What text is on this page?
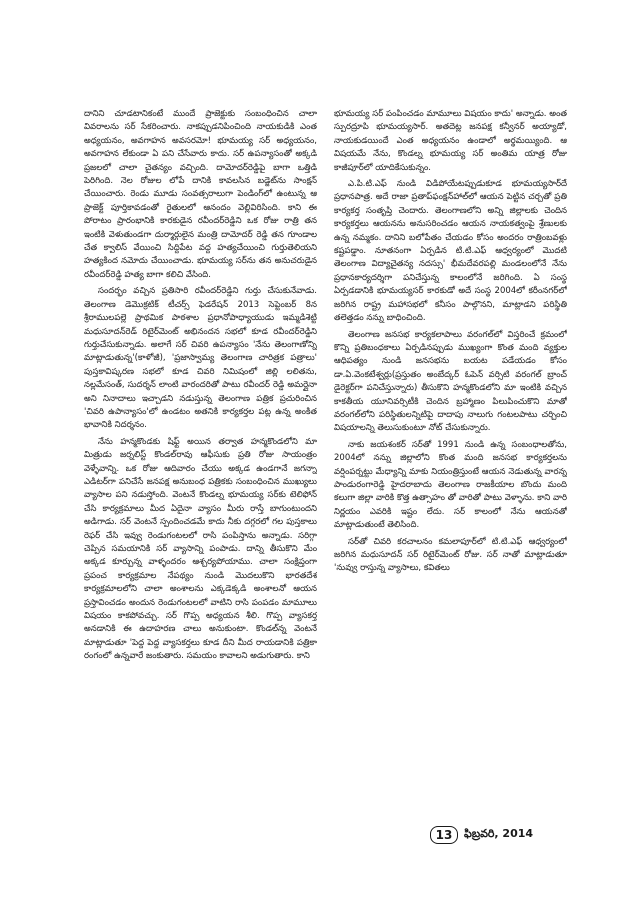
దానిని చూడటానికంటే ముందే ప్రాజెక్టుకు సంబంధించిన చాలా వివరాలను సర్ సేకరించారు. నాకప్పుడనిపించింది నాయకుడికి ఎంత అధ్యయనం, అవగాహన అవసరమో! భూమయ్య సర్ అధ్యయనం, అవగాహన లేకుండా ఏ పని చేసేవారు కాదు. సర్ ఉపన్యాసంతో అక్కడి ప్రజలలో చాలా చైతన్యం వచ్చింది. దామోదర్‌రెడ్డిపై బాగా ఒత్తిడి పెరిగింది. నెల రోజుల లోపే దానికి కావలసిన బడ్జెట్‌ను సాంక్షన్ చేయించారు. రెండు మూడు సంవత్సరాలుగా పెండింగ్‌లో ఉంటున్న ఆ ప్రాజెక్ట్ పూర్తికావడంతో రైతులలో ఆనందం వెల్లివిరిసింది. కాని ఈ పోరాటం ప్రారంభానికి కారకుడైన రవీందర్‌రెడ్డిని ఒక రోజు రాత్రి తన ఇంటికి వెళుతుండగా దుర్మార్గులైన మంత్రి దామోదర్ రెడ్డి తన గూండాల చేత క్వాలిస్ వేయించి సిద్దిపేట వద్ద హత్యచేయించి గుర్తుతెలియని హత్యకింద నమోదు చేయించాడు. భూమయ్య సర్‌ను తన అనుచరుడైన రవీందర్‌రెడ్డి హత్య బాగా కలిచి వేసింది.

సందర్భం వచ్చిన ప్రతిసారి రవీందర్‌రెడ్డిని గుర్తు చేసుకునేవాడు. తెలంగాణ డెమొక్రటిక్ టీచర్స్ ఫెడరేషన్ 2013 సెప్టెంబర్ 8న శ్రీరాములపల్లె ప్రాథమిక పాఠశాల ప్రధానోపాధ్యాయుడు ఇమ్మడిశెట్టి మధుసూదన్‌రెడ్ రిటైర్‌మెంట్ అభినందన సభలో కూడ రవీందర్‌రెడ్డిని గుర్తుచేసుకున్నాడు. అలాగే సర్ చివరి ఉపన్యాసం 'నేను తెలంగాణోన్ని మాట్లాడుతున్న'(కాళోజీ), 'ప్రజాస్వామ్య తెలంగాణ చారిత్రక పత్రాలు' పుస్తకావిష్కరణ సభలో కూడ చివరి నిమిషంలో జిల్లి లలితను, నల్లమేసంత్, సుదర్శన్ లాంటి వారందరితో పాటు రవీందర్ రెడ్డి అమర్లైనా అని నినాదాలు ఇచ్చాడని నడుస్తున్న తెలంగాణ పత్రిక ప్రచురించిన 'చివరి ఉపాన్యాసం'లో ఉండటం అతనికి కార్యకర్తల పట్ల ఉన్న అంకిత భావానికి నిదర్శనం.

నేను హన్మకొండకు షిఫ్ట్ అయిన తర్వాత హన్మకొండలోని మా మిత్రుడు జర్నలిస్ట్ కొండల్‌రావు ఆఫీసుకు ప్రతి రోజు సాయంత్రం వెళ్ళేవాన్ని. ఒక రోజు ఆదివారం చేయు అక్కడ ఉండగానే జగన్నా ఎడిటర్‌గా పనిచేసే జనపక్ష అనుబంధ పత్రికకు సంబంధించిన ముఖ్యులు వ్యాసాల పని నడుస్తోంది. వెంటనే కొండల్న భూమయ్య సర్‌కు టెలిఫోన్ చేసి కార్యక్రమాలు మీద ఏదైనా వ్యాసం మీరు రాస్తే బాగుంటుందని అడిగాడు. సర్ వెంటనే స్పందించడమే కాదు నీకు దగ్గరలో గల పుస్తకాలు రెఫర్ చేసి ఇవ్వు రెండుగంటలలో రాసి పంపిస్తాను అన్నాడు. సరిగ్గా చెప్పిన సమయానికి సర్ వ్యాసాన్ని పంపాడు. దాన్ని తీసుకొని మేం అక్కడ కూర్చున్న వాళ్ళందరం ఆశ్చర్యపోయాము. చాలా సంక్షిప్తంగా ప్రపంచ కార్యక్రమాల నేపథ్యం నుండి మొదలుకొని భారతదేశ కార్యక్రమాలలోని చాలా అంశాలను ఎక్కడెక్కడి అంశాలనో ఆయన ప్రస్తావించడం అందున రెండుగంటలలో వాటిని రాసి పంపడం మామూలు విషయం కాకపోవచ్చు. సర్ గొప్ప అధ్యయన శీలి. గొప్ప వ్యాసకర్త అనడానికి ఈ ఉదాహరణ చాలు అనుకుంటా. కొండల్‌న్న వెంటనే మాట్లాడుతూ 'పెద్ద పెద్ద వ్యాసకర్తలు కూడ దీని మీద రాయడానికి పత్రికా రంగంలో ఉన్నవారే జంకుతారు. సమయం కావాలని అడుగుతారు. కాని

భూమయ్య సర్ పంపించడం మామూలు విషయం కాదు' అన్నాడు. అంత స్పురద్రూపి భూమయ్యసార్. అతదెట్ల జనపక్ష కన్వీనర్ అయ్యాడో, నాయకుడయిందే ఎంత అధ్యయనం ఉండాలో అర్థమయ్యింది. ఆ విషయమే నేను, కొండల్న భూమయ్య సర్ అంతిమ యాత్ర రోజు కాజీపూర్‌లో యాదికేసుకున్నం.

ఎ.పి.టి.ఎఫ్ నుండి విడిపోయేటప్పుడుకూడ భూమయ్యసార్‌దే ప్రధానపాత్ర. అదే రాజా ప్రతాప్‌ఫంక్షన్‌హాల్‌లో ఆయన పెట్టిన చర్చతో ప్రతి కార్యకర్త సంతృప్తి చెందారు. తెలంగాణలోని అన్ని జిల్లాలకు చెందిన కార్యకర్తలు ఆయనను అనుసరించడం ఆయన నాయకత్వంపై శ్రేణులకు ఉన్న నమ్మకం. దానిని బలోపేతం చేయడం కోసం అందరం రాత్రింబవళ్లు కష్టపడ్డాం. నూతనంగా ఏర్పడిన టి.టి.ఎఫ్ ఆధ్వర్యంలో మొదటి తెలంగాణ విద్యాచైతన్య నదస్సు' భీమదేవరపల్లి మండలంలోనే నేను ప్రధానకార్యదర్శిగా పనిచేస్తున్న కాలంలోనే జరిగింది. ఏ సంస్థ ఏర్పడడానికి భూమయ్యసర్ కారకుడో అదే సంస్థ 2004లో కరీంనగర్‌లో జరిగిన రాష్ట్ర మహాసభలో కనీసం పాల్గొనని, మాట్లాడని పరిస్థితి తలెత్తడం నన్ను బాధించింది.

తెలంగాణ జనసభ కార్యకలాపాలు వరంగల్‌లో విస్తరించే క్రమంలో కొన్ని ప్రతిబంధకాలు ఏర్పడినప్పుడు ముఖ్యంగా కొంత మంది వ్యక్తుల ఆధిపత్యం నుండి జనసభను బయట పడేయడం కోసం డా.ఏ.వెంకటేశ్వర్లు(ప్రస్తుతం అంబేద్కర్ ఓపెన్ వర్సిటి వరంగల్ బ్రాంచ్ డైరెక్టర్‌గా పనిచేస్తున్నారు) తీసుకొని హన్మకొండలోని మా ఇంటికి వచ్చిన కాకతీయ యూనివర్సిటీకి చెందిన బ్రహ్మాణం పిలుపించుకొని మాతో వరంగల్‌లోని పరిస్థితులన్నిటిపై దాదాపు నాలుగు గంటలపాటు చర్చించి విషయాలన్ని తెలుసుకుంటూ నోట్ చేసుకున్నారు.

నాకు జయశంకర్ సర్‌తో 1991 నుండి ఉన్న సంబంధాలతోను, 2004లో నన్ను జిల్లాలోని కొంత మంది జనసభ కార్యకర్తలను వర్షింపర్నట్టు మేధ్యాన్ని మాకు నియంత్రిస్తుంటే ఆయన నెడుతున్న వారన్న పాండురంగారెడ్డి హైదరాబాదు తెలంగాణ రాజకీయాల బొందు మంది కలుగా జిల్లా వారికి కొత్త ఉత్సాహం తో వారితో పాటు వెళ్ళాను. కాని వారి నిర్ణయం ఎవరికి ఇష్టం లేదు. సర్ కాలంలో నేను ఆయనతో మాట్లాడుతుంటే తెలిసింది.

సర్‌తో చివరి కరచాలనం కమలాపూర్‌లో టి.టి.ఎఫ్ ఆధ్వర్యంలో జరిగిన మధుసూదన్ సర్ రిటైర్‌మెంట్ రోజు. సర్ నాతో మాట్లాడుతూ 'నువ్వు రాస్తున్న వ్యాసాలు, కవితలు

13	ఫిబ్రవరి, 2014
